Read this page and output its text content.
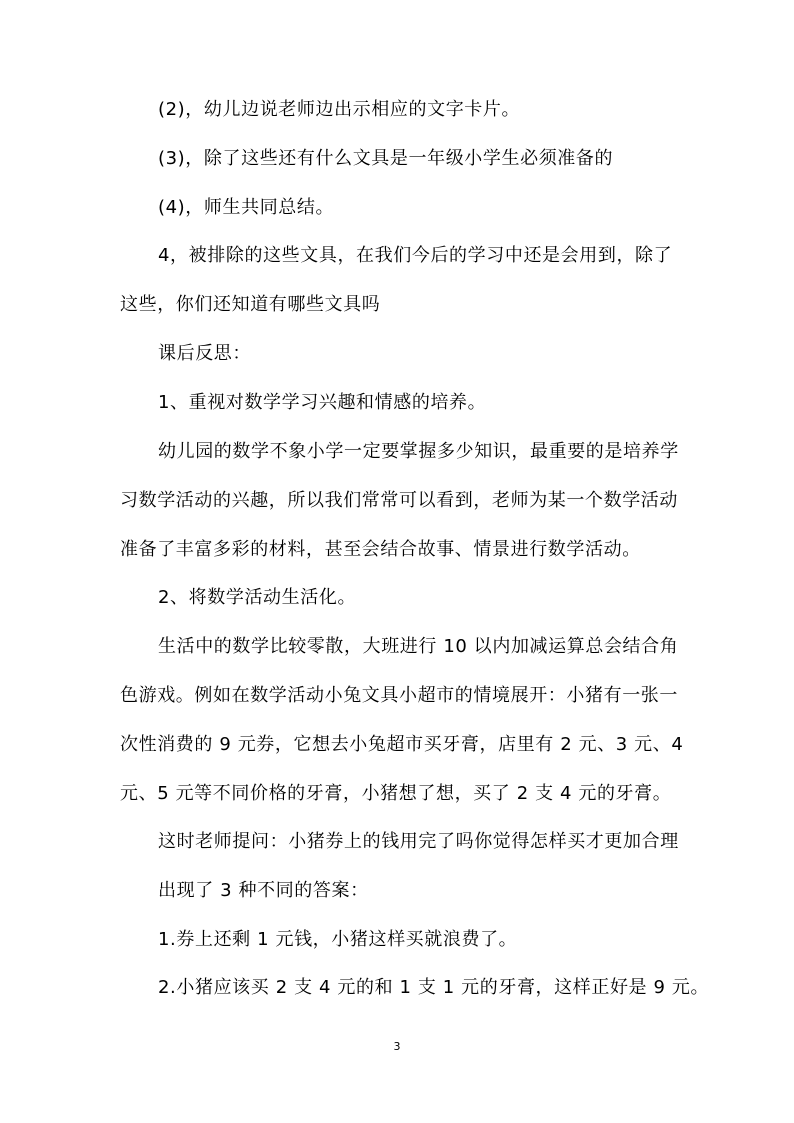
(2)，幼儿边说老师边出示相应的文字卡片。
(3)，除了这些还有什么文具是一年级小学生必须准备的
(4)，师生共同总结。
4，被排除的这些文具，在我们今后的学习中还是会用到，除了
这些，你们还知道有哪些文具吗
课后反思：
1、重视对数学学习兴趣和情感的培养。
幼儿园的数学不象小学一定要掌握多少知识，最重要的是培养学
习数学活动的兴趣，所以我们常常可以看到，老师为某一个数学活动
准备了丰富多彩的材料，甚至会结合故事、情景进行数学活动。
2、将数学活动生活化。
生活中的数学比较零散，大班进行 10 以内加减运算总会结合角
色游戏。例如在数学活动小兔文具小超市的情境展开：小猪有一张一
次性消费的 9 元券，它想去小兔超市买牙膏，店里有 2 元、3 元、4
元、5 元等不同价格的牙膏，小猪想了想，买了 2 支 4 元的牙膏。
这时老师提问：小猪券上的钱用完了吗你觉得怎样买才更加合理
出现了 3 种不同的答案：
1.券上还剩 1 元钱，小猪这样买就浪费了。
2.小猪应该买 2 支 4 元的和 1 支 1 元的牙膏，这样正好是 9 元。
3
